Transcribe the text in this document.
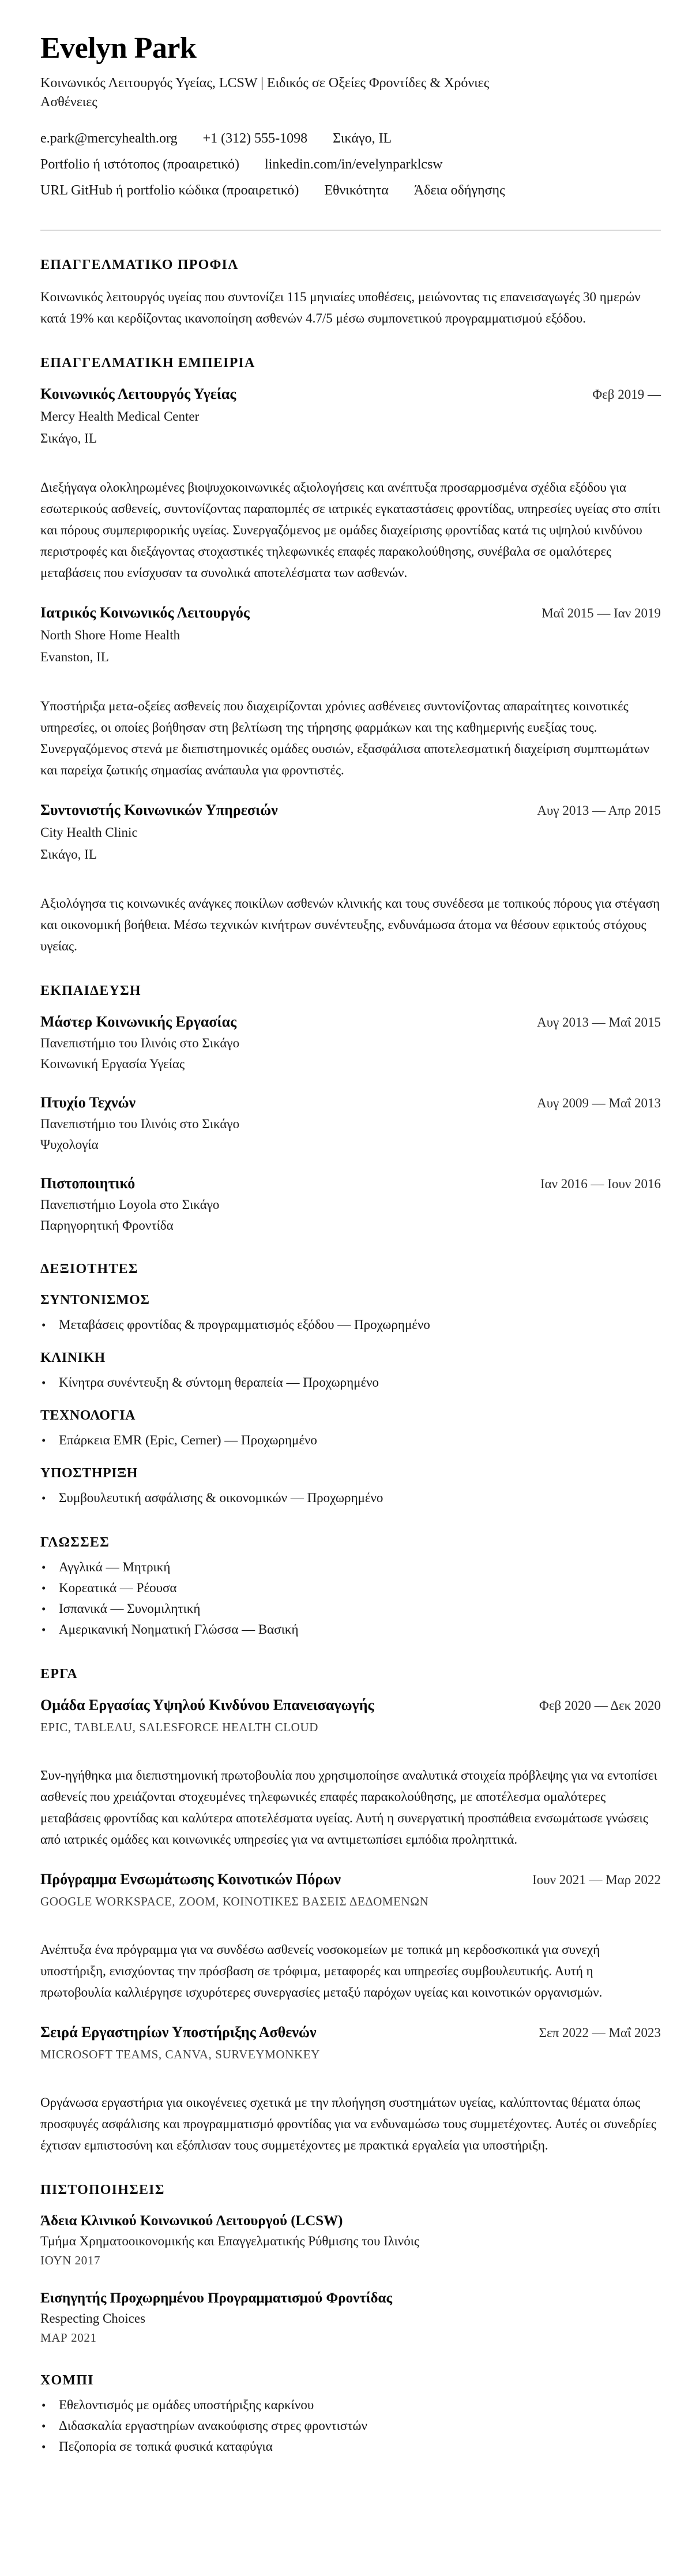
Evelyn Park

Κοινωνικός Λειτουργός Υγείας, LCSW | Ειδικός σε Οξείες Φροντίδες & Χρόνιες Ασθένειες

e.park@mercyhealth.org +1 (312) 555-1098 Σικάγο, IL
Portfolio ή ιστότοπος (προαιρετικό) linkedin.com/in/evelynparklcsw
URL GitHub ή portfolio κώδικα (προαιρετικό) Εθνικότητα Άδεια οδήγησης
ΕΠΑΓΓΕΛΜΑΤΙΚΟ ΠΡΟΦΙΛ

Κοινωνικός λειτουργός υγείας που συντονίζει 115 μηνιαίες υποθέσεις, μειώνοντας τις επανεισαγωγές 30 ημερών κατά 19% και κερδίζοντας ικανοποίηση ασθενών 4.7/5 μέσω συμπονετικού προγραμματισμού εξόδου.

ΕΠΑΓΓΕΛΜΑΤΙΚΗ ΕΜΠΕΙΡΙΑ
Κοινωνικός Λειτουργός Υγείας	Φεβ 2019 —
Mercy Health Medical Center
Σικάγο, IL

Διεξήγαγα ολοκληρωμένες βιοψυχοκοινωνικές αξιολογήσεις και ανέπτυξα προσαρμοσμένα σχέδια εξόδου για εσωτερικούς ασθενείς, συντονίζοντας παραπομπές σε ιατρικές εγκαταστάσεις φροντίδας, υπηρεσίες υγείας στο σπίτι και πόρους συμπεριφορικής υγείας. Συνεργαζόμενος με ομάδες διαχείρισης φροντίδας κατά τις υψηλού κινδύνου περιστροφές και διεξάγοντας στοχαστικές τηλεφωνικές επαφές παρακολούθησης, συνέβαλα σε ομαλότερες μεταβάσεις που ενίσχυσαν τα συνολικά αποτελέσματα των ασθενών.

Ιατρικός Κοινωνικός Λειτουργός	Μαΐ 2015 — Ιαν 2019
North Shore Home Health
Evanston, IL

Υποστήριξα μετα-οξείες ασθενείς που διαχειρίζονται χρόνιες ασθένειες συντονίζοντας απαραίτητες κοινοτικές υπηρεσίες, οι οποίες βοήθησαν στη βελτίωση της τήρησης φαρμάκων και της καθημερινής ευεξίας τους. Συνεργαζόμενος στενά με διεπιστημονικές ομάδες ουσιών, εξασφάλισα αποτελεσματική διαχείριση συμπτωμάτων και παρείχα ζωτικής σημασίας ανάπαυλα για φροντιστές.

Συντονιστής Κοινωνικών Υπηρεσιών	Αυγ 2013 — Απρ 2015
City Health Clinic
Σικάγο, IL

Αξιολόγησα τις κοινωνικές ανάγκες ποικίλων ασθενών κλινικής και τους συνέδεσα με τοπικούς πόρους για στέγαση και οικονομική βοήθεια. Μέσω τεχνικών κινήτρων συνέντευξης, ενδυνάμωσα άτομα να θέσουν εφικτούς στόχους υγείας.

ΕΚΠΑΙΔΕΥΣΗ
Μάστερ Κοινωνικής Εργασίας	Αυγ 2013 — Μαΐ 2015
Πανεπιστήμιο του Ιλινόις στο Σικάγο
Κοινωνική Εργασία Υγείας
Πτυχίο Τεχνών	Αυγ 2009 — Μαΐ 2013
Πανεπιστήμιο του Ιλινόις στο Σικάγο
Ψυχολογία
Πιστοποιητικό	Ιαν 2016 — Ιουν 2016
Πανεπιστήμιο Loyola στο Σικάγο
Παρηγορητική Φροντίδα
ΔΕΞΙΟΤΗΤΕΣ
ΣΥΝΤΟΝΙΣΜΟΣ
• Μεταβάσεις φροντίδας & προγραμματισμός εξόδου — Προχωρημένο
ΚΛΙΝΙΚΗ
• Κίνητρα συνέντευξη & σύντομη θεραπεία — Προχωρημένο
ΤΕΧΝΟΛΟΓΙΑ
• Επάρκεια EMR (Epic, Cerner) — Προχωρημένο
ΥΠΟΣΤΗΡΙΞΗ
• Συμβουλευτική ασφάλισης & οικονομικών — Προχωρημένο
ΓΛΩΣΣΕΣ
• Αγγλικά — Μητρική
• Κορεατικά — Ρέουσα
• Ισπανικά — Συνομιλητική
• Αμερικανική Νοηματική Γλώσσα — Βασική
ΕΡΓΑ
Ομάδα Εργασίας Υψηλού Κινδύνου Επανεισαγωγής	Φεβ 2020 — Δεκ 2020
EPIC, TABLEAU, SALESFORCE HEALTH CLOUD

Συν-ηγήθηκα μια διεπιστημονική πρωτοβουλία που χρησιμοποίησε αναλυτικά στοιχεία πρόβλεψης για να εντοπίσει ασθενείς που χρειάζονται στοχευμένες τηλεφωνικές επαφές παρακολούθησης, με αποτέλεσμα ομαλότερες μεταβάσεις φροντίδας και καλύτερα αποτελέσματα υγείας. Αυτή η συνεργατική προσπάθεια ενσωμάτωσε γνώσεις από ιατρικές ομάδες και κοινωνικές υπηρεσίες για να αντιμετωπίσει εμπόδια προληπτικά.

Πρόγραμμα Ενσωμάτωσης Κοινοτικών Πόρων	Ιουν 2021 — Μαρ 2022
GOOGLE WORKSPACE, ZOOM, ΚΟΙΝΟΤΙΚΕΣ ΒΑΣΕΙΣ ΔΕΔΟΜΕΝΩΝ

Ανέπτυξα ένα πρόγραμμα για να συνδέσω ασθενείς νοσοκομείων με τοπικά μη κερδοσκοπικά για συνεχή υποστήριξη, ενισχύοντας την πρόσβαση σε τρόφιμα, μεταφορές και υπηρεσίες συμβουλευτικής. Αυτή η πρωτοβουλία καλλιέργησε ισχυρότερες συνεργασίες μεταξύ παρόχων υγείας και κοινοτικών οργανισμών.

Σειρά Εργαστηρίων Υποστήριξης Ασθενών	Σεπ 2022 — Μαΐ 2023
MICROSOFT TEAMS, CANVA, SURVEYMONKEY

Οργάνωσα εργαστήρια για οικογένειες σχετικά με την πλοήγηση συστημάτων υγείας, καλύπτοντας θέματα όπως προσφυγές ασφάλισης και προγραμματισμό φροντίδας για να ενδυναμώσω τους συμμετέχοντες. Αυτές οι συνεδρίες έχτισαν εμπιστοσύνη και εξόπλισαν τους συμμετέχοντες με πρακτικά εργαλεία για υποστήριξη.

ΠΙΣΤΟΠΟΙΗΣΕΙΣ
Άδεια Κλινικού Κοινωνικού Λειτουργού (LCSW)
Τμήμα Χρηματοοικονομικής και Επαγγελματικής Ρύθμισης του Ιλινόις
ΙΟΥΝ 2017
Εισηγητής Προχωρημένου Προγραμματισμού Φροντίδας
Respecting Choices
ΜΑΡ 2021
ΧΟΜΠΙ
• Εθελοντισμός με ομάδες υποστήριξης καρκίνου
• Διδασκαλία εργαστηρίων ανακούφισης στρες φροντιστών
• Πεζοπορία σε τοπικά φυσικά καταφύγια
